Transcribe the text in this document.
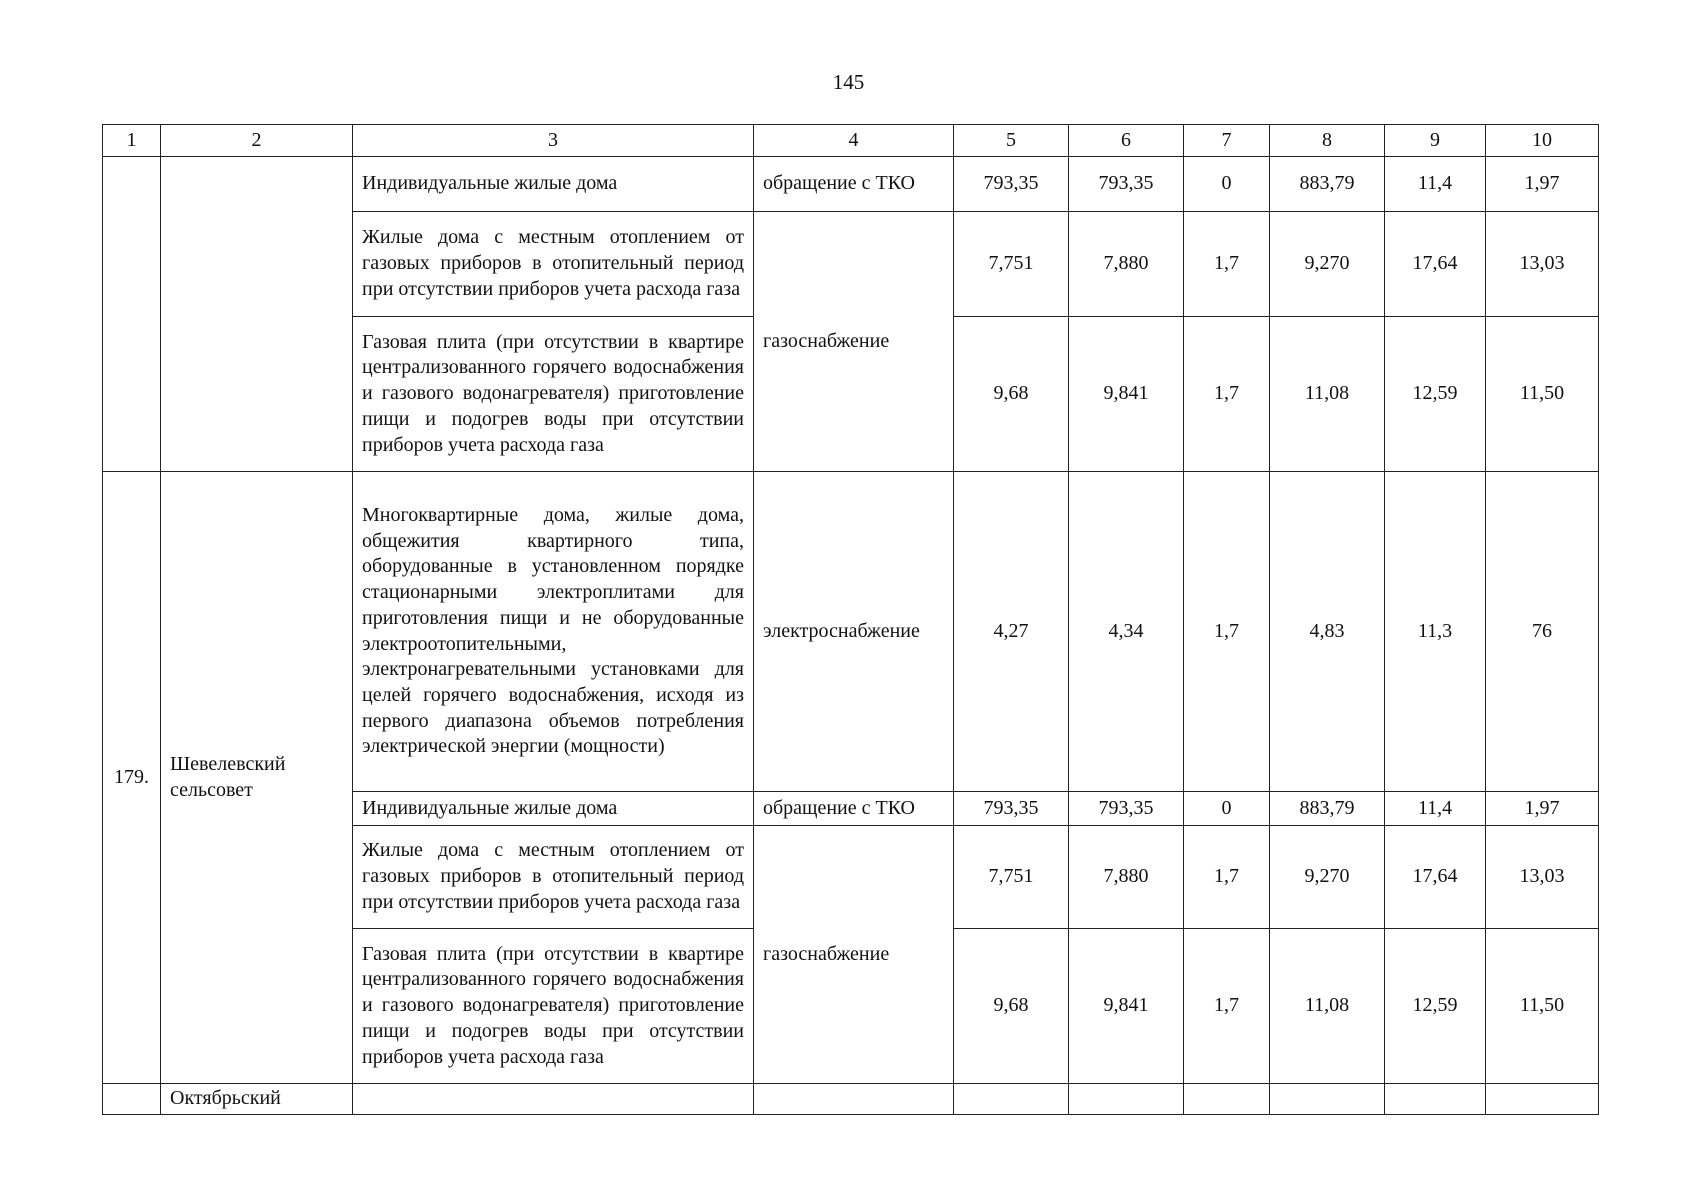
145
1	2	3	4	5	6	7	8	9	10
		Индивидуальные жилые дома	обращение с ТКО	793,35	793,35	0	883,79	11,4	1,97
		Жилые дома с местным отоплением от газовых приборов в отопительный период при отсутствии приборов учета расхода газа	газоснабжение	7,751	7,880	1,7	9,270	17,64	13,03
		Газовая плита (при отсутствии в квартире централизованного горячего водоснабжения и газового водонагревателя) приготовление пищи и подогрев воды при отсутствии приборов учета расхода газа		9,68	9,841	1,7	11,08	12,59	11,50
179.	Шевелевский сельсовет	Многоквартирные дома, жилые дома, общежития квартирного типа, оборудованные в установленном порядке стационарными электроплитами для приготовления пищи и не оборудованные электроотопительными, электронагревательными установками для целей горячего водоснабжения, исходя из первого диапазона объемов потребления электрической энергии (мощности)	электроснабжение	4,27	4,34	1,7	4,83	11,3	76
		Индивидуальные жилые дома	обращение с ТКО	793,35	793,35	0	883,79	11,4	1,97
		Жилые дома с местным отоплением от газовых приборов в отопительный период при отсутствии приборов учета расхода газа	газоснабжение	7,751	7,880	1,7	9,270	17,64	13,03
		Газовая плита (при отсутствии в квартире централизованного горячего водоснабжения и газового водонагревателя) приготовление пищи и подогрев воды при отсутствии приборов учета расхода газа		9,68	9,841	1,7	11,08	12,59	11,50
	Октябрьский								
